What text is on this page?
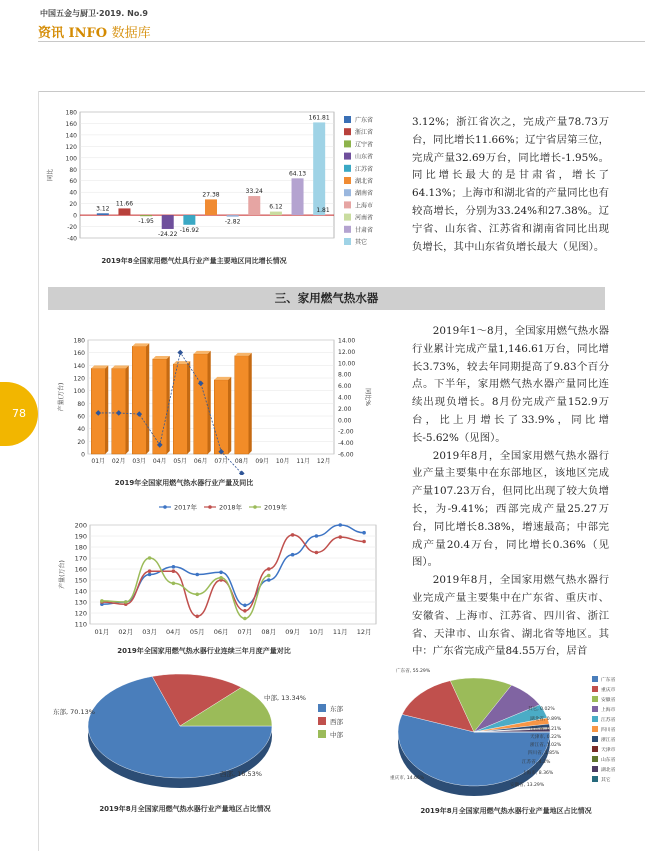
中国五金与厨卫·2019. No.9
资讯 INFO 数据库
78
-40
-20
0
20
40
60
80
100
120
140
160
180
同比
3.12
11.66
-1.95
-24.22
-16.92
27.38
-2.82
33.24
6.12
64.13
161.81
1.81
广东省
浙江省
辽宁省
山东省
江苏省
湖北省
湖南省
上海市
河南省
甘肃省
其它
2019年8全国家用燃气灶具行业产量主要地区同比增长情况

3.12%；浙江省次之，完成产量78.73万台，同比增长11.66%；辽宁省居第三位，完成产量32.69万台，同比增长-1.95%。同比增长最大的是甘肃省，增长了64.13%；上海市和湖北省的产量同比也有较高增长，分别为33.24%和27.38%。辽宁省、山东省、江苏省和湖南省同比出现负增长，其中山东省负增长最大（见图）。

三、家用燃气热水器
0
20
40
60
80
100
120
140
160
180
-6.00
-4.00
-2.00
0.00
2.00
4.00
6.00
8.00
10.00
12.00
14.00
产量(万台)	同比%
01月 02月 03月 04月 05月 06月 07月 08月 09月 10月 11月 12月
2019年全国家用燃气热水器行业产量及同比
110
120
130
140
150
160
170
180
190
200
产量(万台)
01月 02月 03月 04月 05月 06月 07月 08月 09月 10月 11月 12月
2017年	2018年	2019年
2019年全国家用燃气热水器行业连续三年月度产量对比

2019年1～8月，全国家用燃气热水器行业累计完成产量1,146.61万台，同比增长3.73%，较去年同期提高了9.83个百分点。下半年，家用燃气热水器产量同比连续出现负增长。8月份完成产量152.9万台，比上月增长了33.9%，同比增长-5.62%（见图）。

2019年8月，全国家用燃气热水器行业产量主要集中在东部地区，该地区完成产量107.23万台，但同比出现了较大负增长，为-9.41%；西部完成产量25.27万台，同比增长8.38%，增速最高；中部完成产量20.4万台，同比增长0.36%（见图）。

2019年8月，全国家用燃气热水器行业完成产量主要集中在广东省、重庆市、安徽省、上海市、江苏省、四川省、浙江省、天津市、山东省、湖北省等地区。其中：广东省完成产量84.55万台，居首

中部, 13.34%
西部, 16.53%
东部, 70.13%	东部
西部
中部
2019年8月全国家用燃气热水器行业产量地区占比情况
广东省, 55.29%
重庆市, 14.66%
安徽省, 13.29%
上海市, 8.36%
江苏省, 4.2%
四川省, 1.85%
浙江省, 1.02%
天津市, 0.22%
山东省, 0.21%
湖北省, 0.89%
其它, 0.02%
广东省
重庆市
安徽省
上海市
江苏省
四川省
浙江省
天津市
山东省
湖北省
其它
2019年8月全国家用燃气热水器行业产量地区占比情况
